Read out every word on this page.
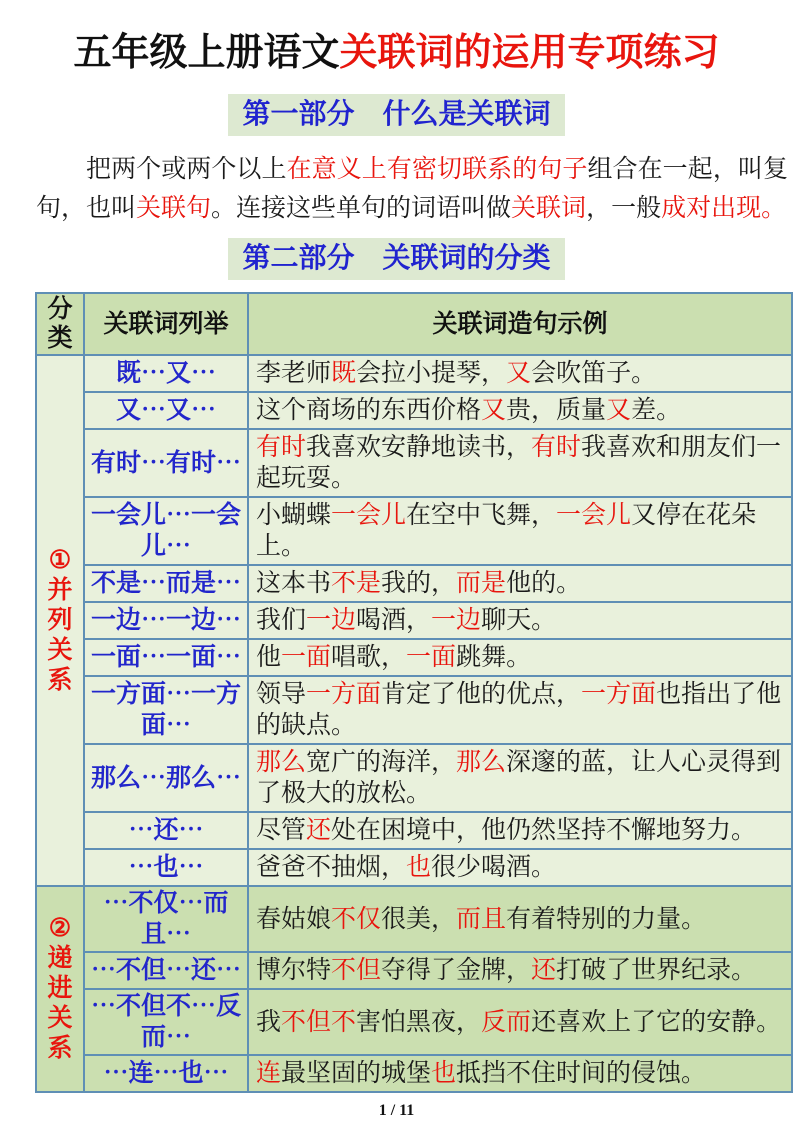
五年级上册语文关联词的运用专项练习
第一部分　什么是关联词

把两个或两个以上在意义上有密切联系的句子组合在一起，叫复句，也叫关联句。连接这些单句的词语叫做关联词，一般成对出现。

第二部分　关联词的分类
分类	关联词列举	关联词造句示例

①
并
列
关
系	既⋯又⋯	李老师既会拉小提琴，又会吹笛子。
	又⋯又⋯	这个商场的东西价格又贵，质量又差。
	有时⋯有时⋯	有时我喜欢安静地读书，有时我喜欢和朋友们一起玩耍。
	一会儿⋯一会儿⋯	小蝴蝶一会儿在空中飞舞，一会儿又停在花朵上。
	不是⋯而是⋯	这本书不是我的，而是他的。
	一边⋯一边⋯	我们一边喝酒，一边聊天。
	一面⋯一面⋯	他一面唱歌，一面跳舞。
	一方面⋯一方面⋯	领导一方面肯定了他的优点，一方面也指出了他的缺点。
	那么⋯那么⋯	那么宽广的海洋，那么深邃的蓝，让人心灵得到了极大的放松。
	⋯还⋯	尽管还处在困境中，他仍然坚持不懈地努力。
	⋯也⋯	爸爸不抽烟，也很少喝酒。

②
递
进
关
系	⋯不仅⋯而且⋯	春姑娘不仅很美，而且有着特别的力量。
	⋯不但⋯还⋯	博尔特不但夺得了金牌，还打破了世界纪录。
	⋯不但不⋯反而⋯	我不但不害怕黑夜，反而还喜欢上了它的安静。
	⋯连⋯也⋯	连最坚固的城堡也抵挡不住时间的侵蚀。
1 / 11
